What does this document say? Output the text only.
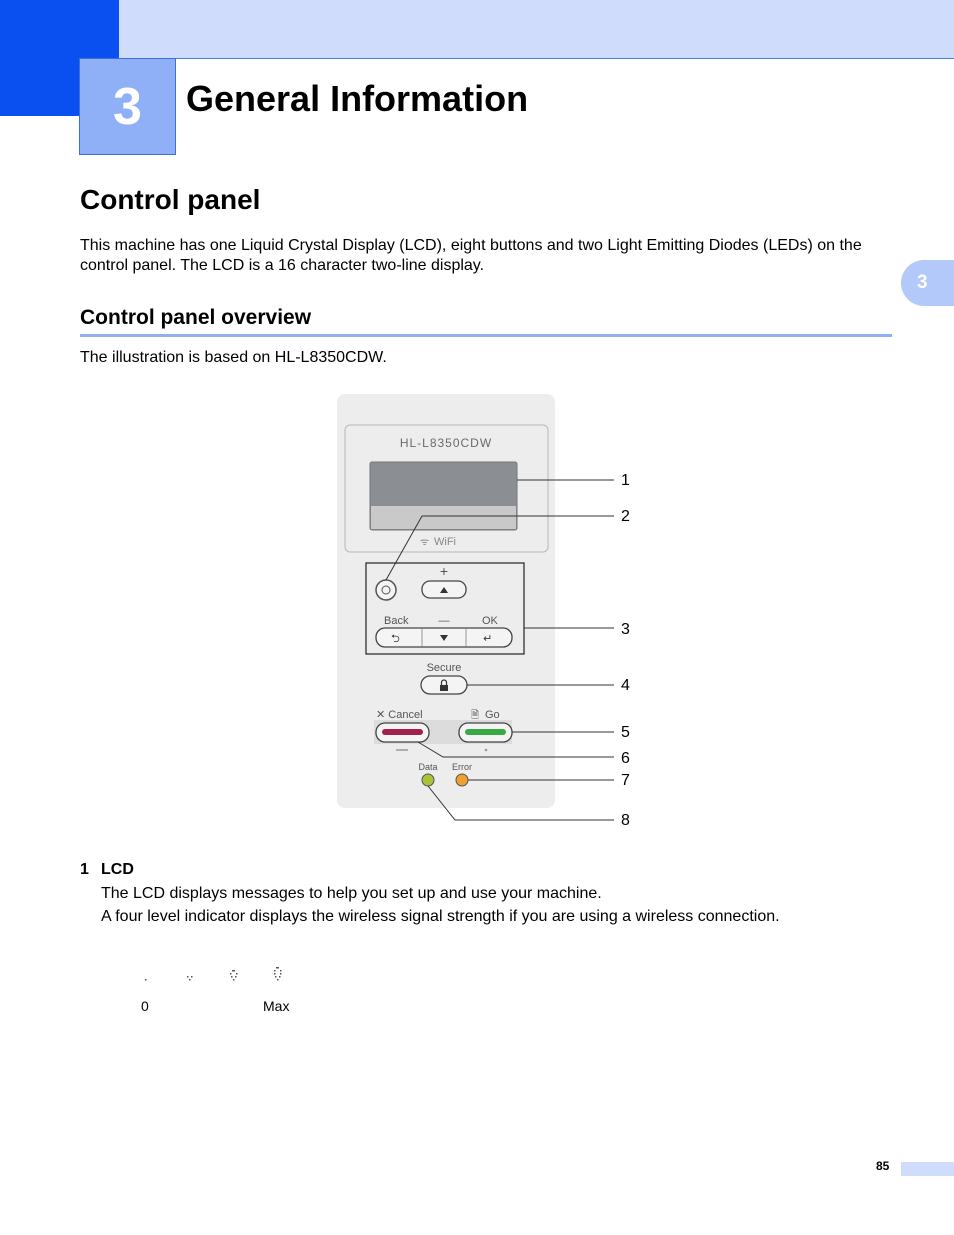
3	General Information
Control panel
This machine has one Liquid Crystal Display (LCD), eight buttons and two Light Emitting Diodes (LEDs) on the control panel. The LCD is a 16 character two-line display.
3
Control panel overview
The illustration is based on HL-L8350CDW.
HL-L8350CDW
ᯤ WiFi
+
Back	—	OK
⮌	↵
Secure
✕ Cancel	🗎 Go
Data Error
1
2
3
4
5
6
7
8
1 LCD
The LCD displays messages to help you set up and use your machine.
A four level indicator displays the wireless signal strength if you are using a wireless connection.
0	Max
85
